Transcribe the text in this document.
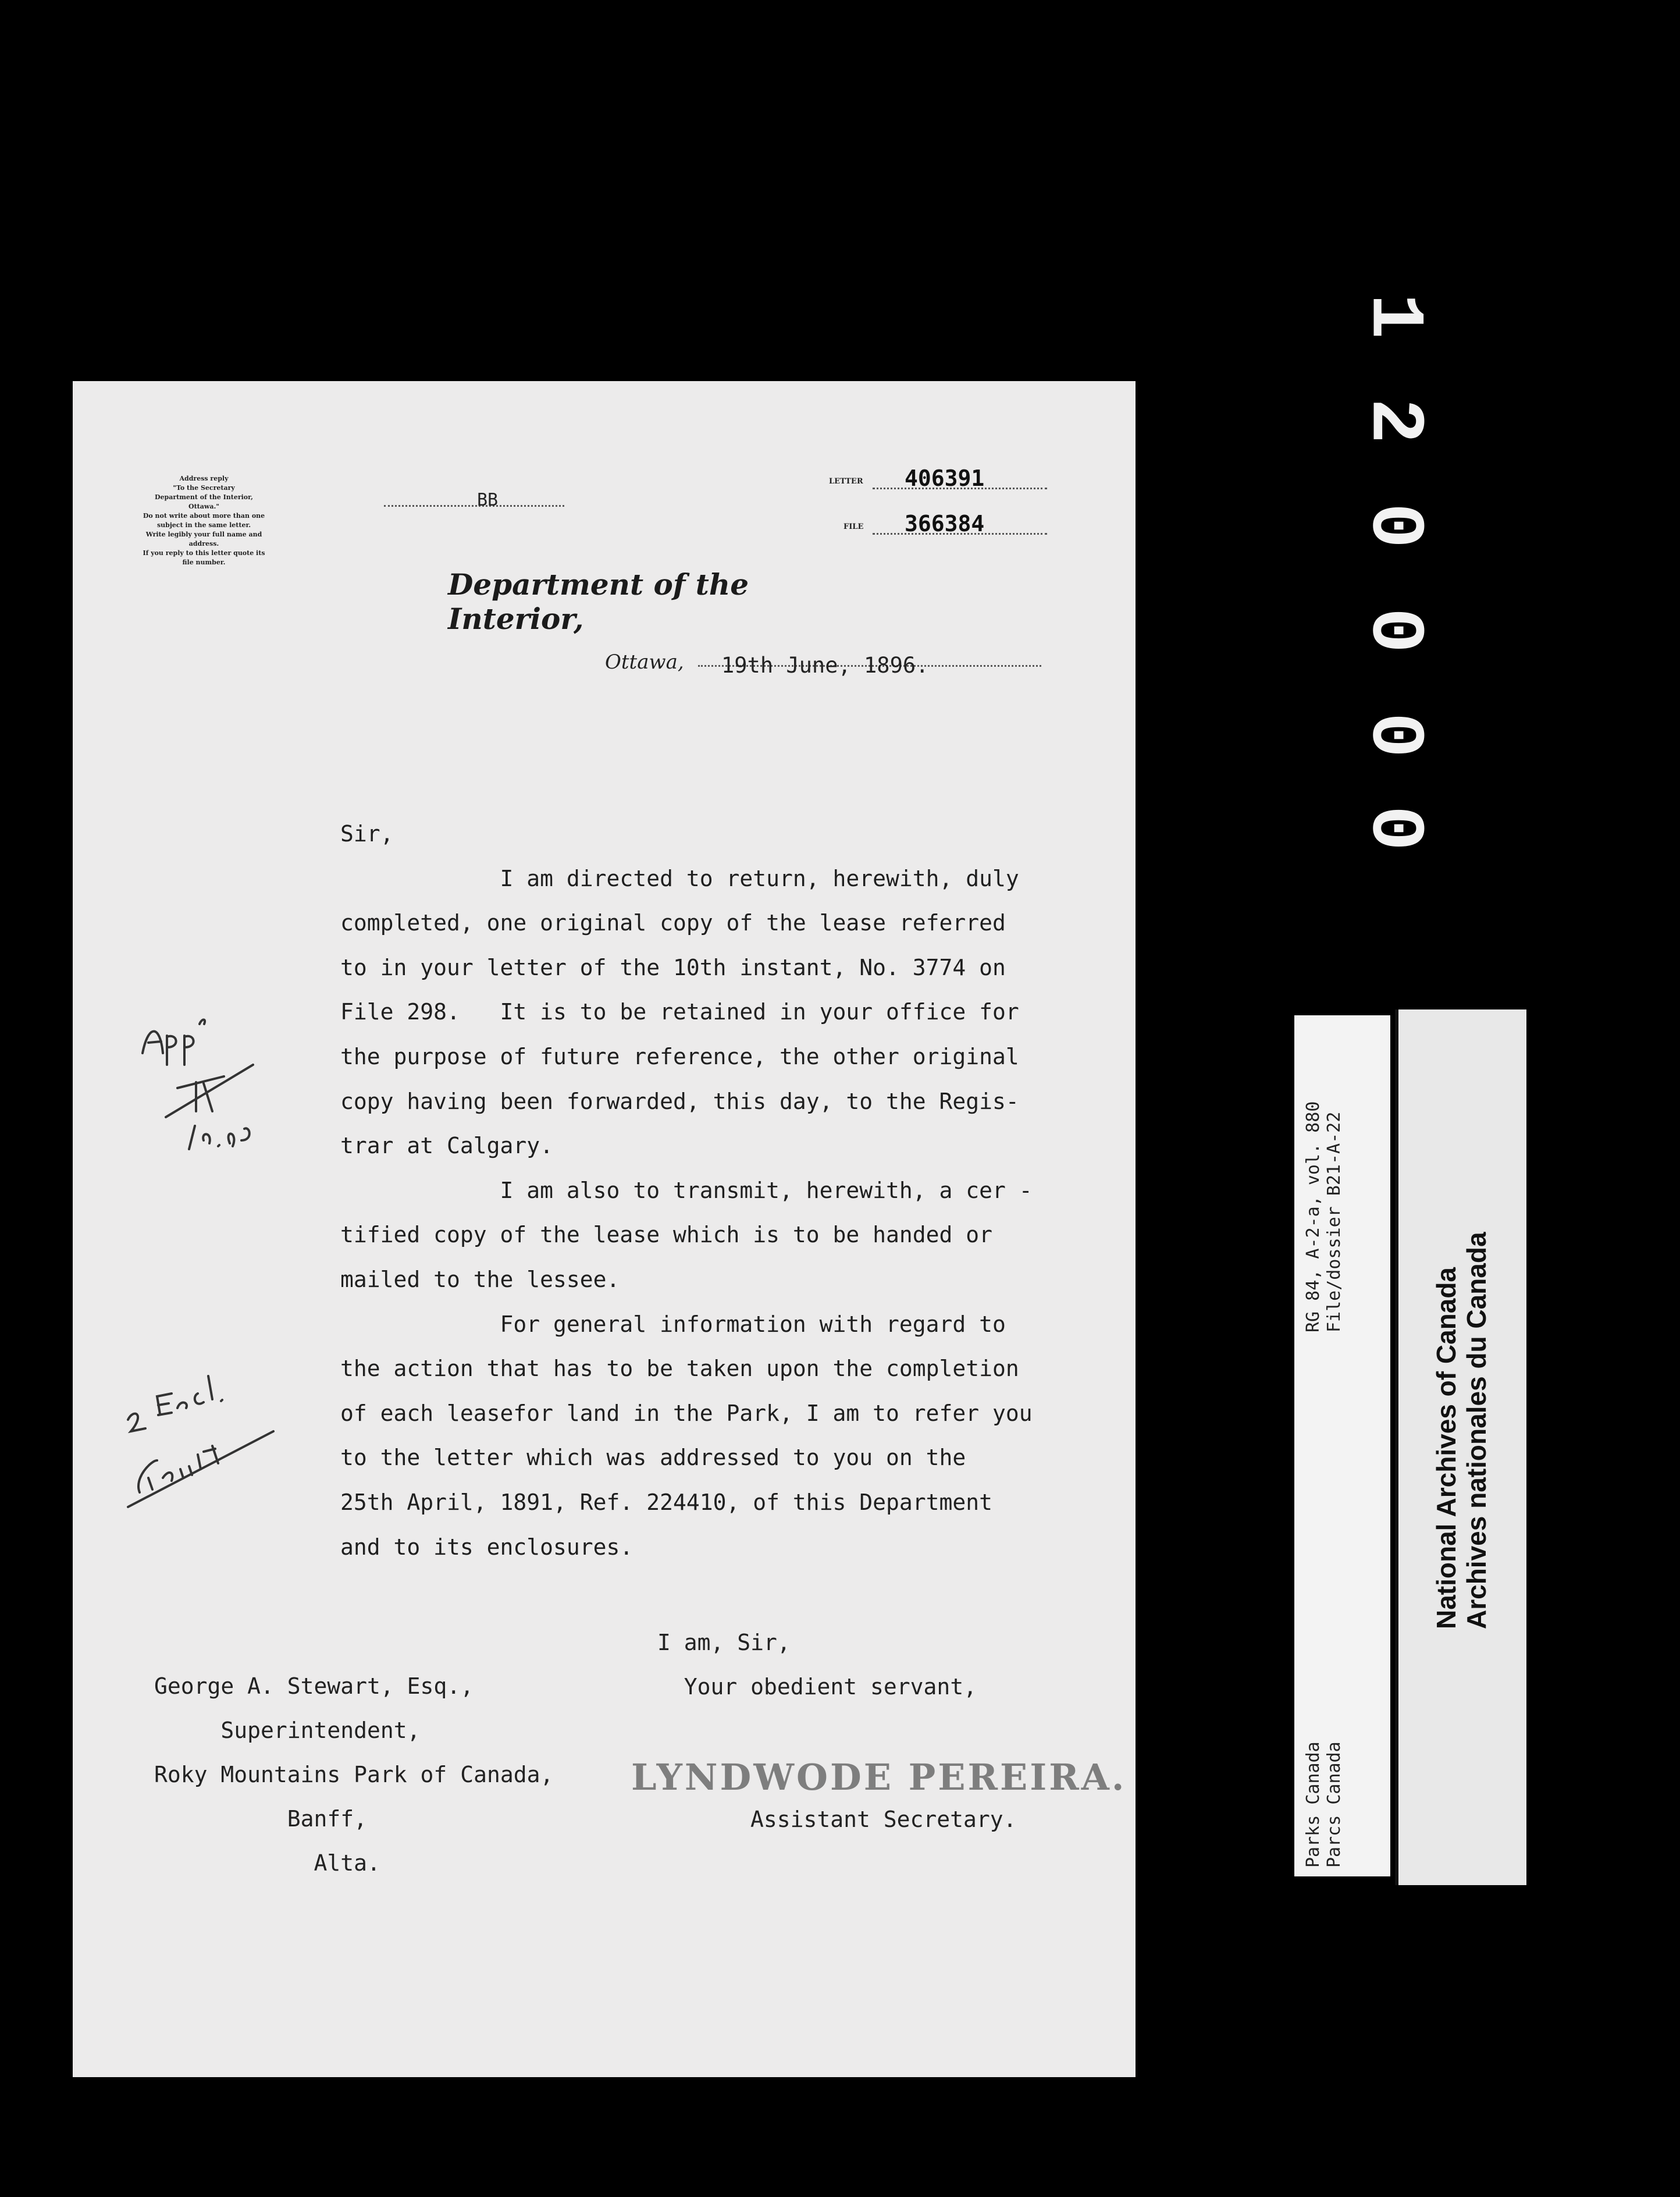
1
2
0
0
0
0
Address reply
"To the Secretary
Department of the Interior,
Ottawa."
Do not write about more than one
subject in the same letter.
Write legibly your full name and
address.
If you reply to this letter quote its
file number.
BB
LETTER 406391
FILE 366384
Department of the Interior,
Ottawa, 19th June, 1896.
Sir,
I am directed to return, herewith, duly
completed, one original copy of the lease referred
to in your letter of the 10th instant, No. 3774 on
File 298.   It is to be retained in your office for
the purpose of future reference, the other original
copy having been forwarded, this day, to the Regis-
trar at Calgary.
I am also to transmit, herewith, a cer -
tified copy of the lease which is to be handed or
mailed to the lessee.
For general information with regard to
the action that has to be taken upon the completion
of each leasefor land in the Park, I am to refer you
to the letter which was addressed to you on the
25th April, 1891, Ref. 224410, of this Department
and to its enclosures.
I am, Sir,
Your obedient servant,
LYNDWODE PEREIRA.
Assistant Secretary.
George A. Stewart, Esq.,
Superintendent,
Roky Mountains Park of Canada,
Banff,
Alta.
RG 84, A-2-a, vol. 880 File/dossier B21-A-22
Parks Canada Parcs Canada
National Archives of Canada Archives nationales du Canada
